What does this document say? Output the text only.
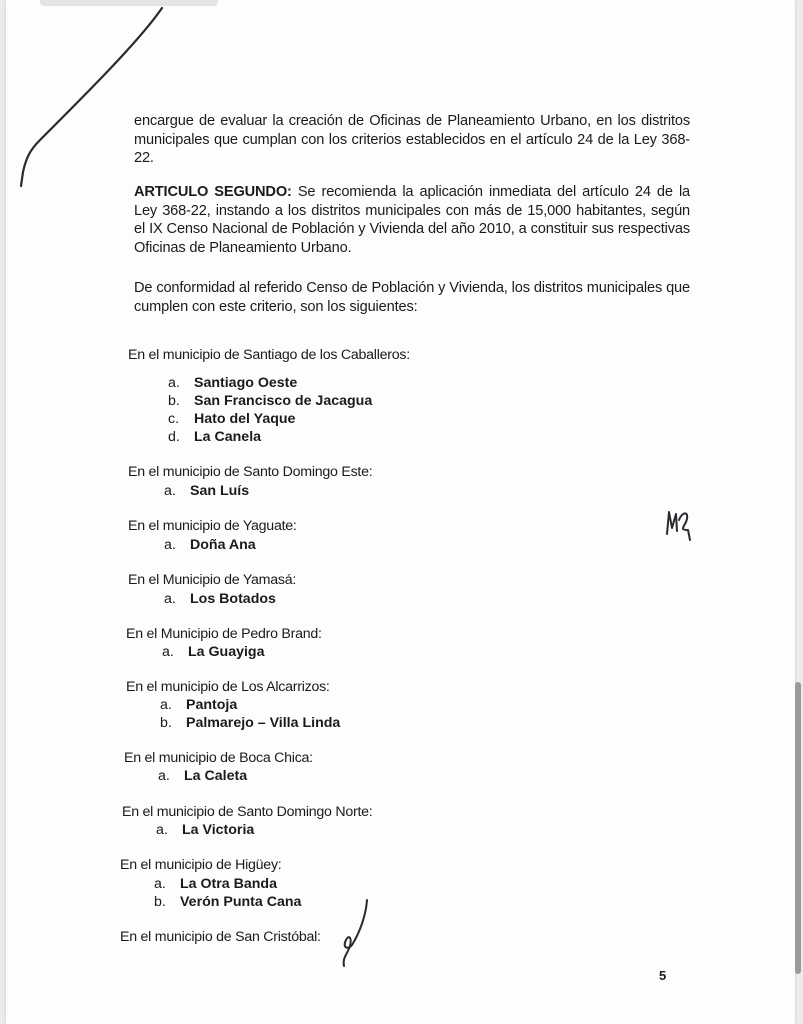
encargue de evaluar la creación de Oficinas de Planeamiento Urbano, en los distritos municipales que cumplan con los criterios establecidos en el artículo 24 de la Ley 368-22.

ARTICULO SEGUNDO: Se recomienda la aplicación inmediata del artículo 24 de la Ley 368-22, instando a los distritos municipales con más de 15,000 habitantes, según el IX Censo Nacional de Población y Vivienda del año 2010, a constituir sus respectivas Oficinas de Planeamiento Urbano.

De conformidad al referido Censo de Población y Vivienda, los distritos municipales que cumplen con este criterio, son los siguientes:

En el municipio de Santiago de los Caballeros:
a. Santiago Oeste
b. San Francisco de Jacagua
c. Hato del Yaque
d. La Canela
En el municipio de Santo Domingo Este:
a. San Luís
En el municipio de Yaguate:
a. Doña Ana
En el Municipio de Yamasá:
a. Los Botados
En el Municipio de Pedro Brand:
a. La Guayiga
En el municipio de Los Alcarrizos:
a. Pantoja
b. Palmarejo – Villa Linda
En el municipio de Boca Chica:
a. La Caleta
En el municipio de Santo Domingo Norte:
a. La Victoria
En el municipio de Higüey:
a. La Otra Banda
b. Verón Punta Cana
En el municipio de San Cristóbal:
5
